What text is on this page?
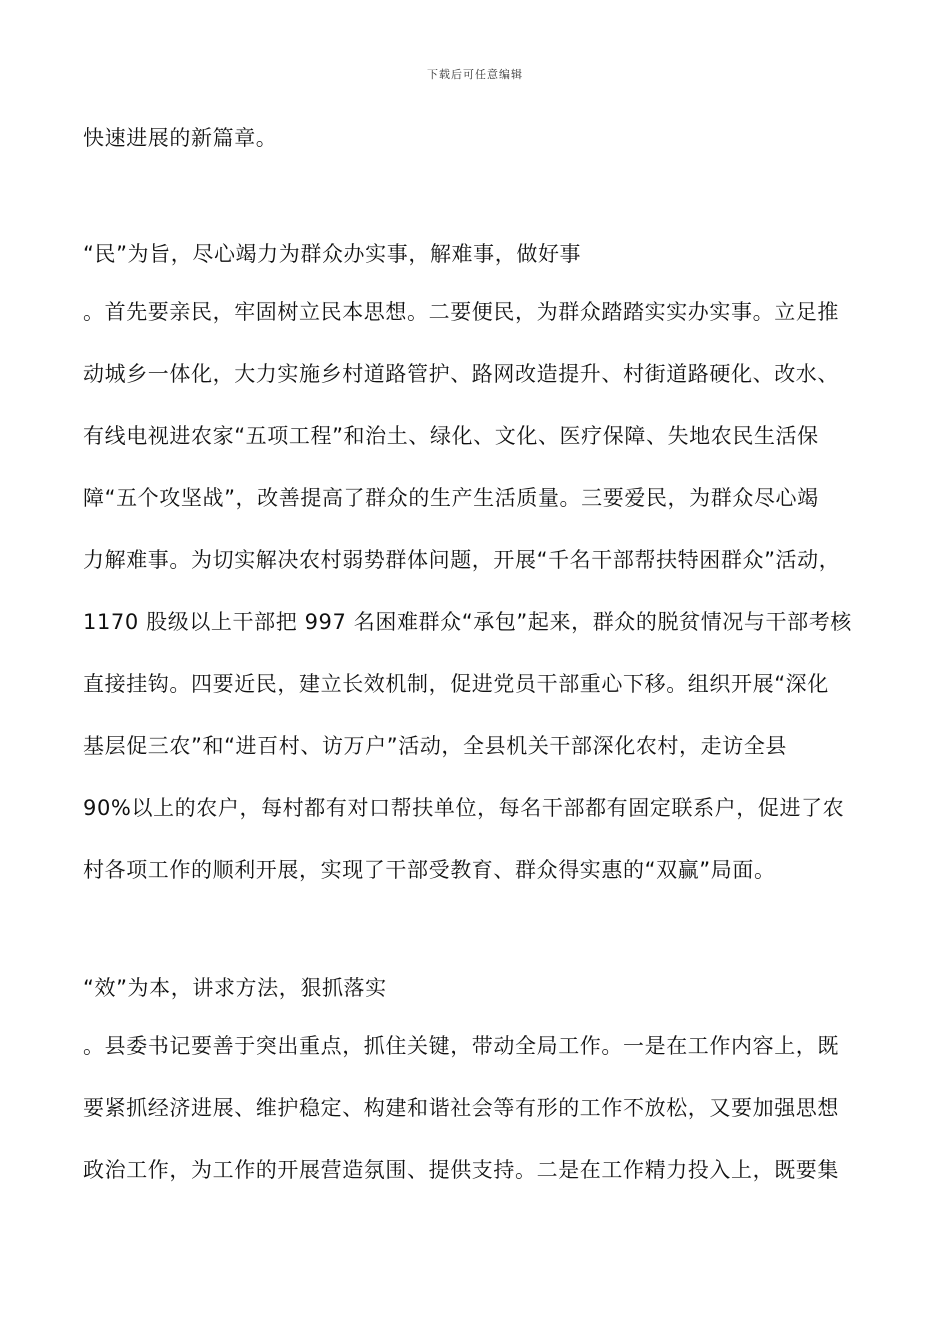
下载后可任意编辑
快速进展的新篇章。
“民”为旨，尽心竭力为群众办实事，解难事，做好事
。首先要亲民，牢固树立民本思想。二要便民，为群众踏踏实实办实事。立足推
动城乡一体化，大力实施乡村道路管护、路网改造提升、村街道路硬化、改水、
有线电视进农家“五项工程”和治土、绿化、文化、医疗保障、失地农民生活保
障“五个攻坚战”，改善提高了群众的生产生活质量。三要爱民，为群众尽心竭
力解难事。为切实解决农村弱势群体问题，开展“千名干部帮扶特困群众”活动，
1170 股级以上干部把 997 名困难群众“承包”起来，群众的脱贫情况与干部考核
直接挂钩。四要近民，建立长效机制，促进党员干部重心下移。组织开展“深化
基层促三农”和“进百村、访万户”活动，全县机关干部深化农村，走访全县
90%以上的农户，每村都有对口帮扶单位，每名干部都有固定联系户，促进了农
村各项工作的顺利开展，实现了干部受教育、群众得实惠的“双赢”局面。
“效”为本，讲求方法，狠抓落实
。县委书记要善于突出重点，抓住关键，带动全局工作。一是在工作内容上，既
要紧抓经济进展、维护稳定、构建和谐社会等有形的工作不放松，又要加强思想
政治工作，为工作的开展营造氛围、提供支持。二是在工作精力投入上，既要集
